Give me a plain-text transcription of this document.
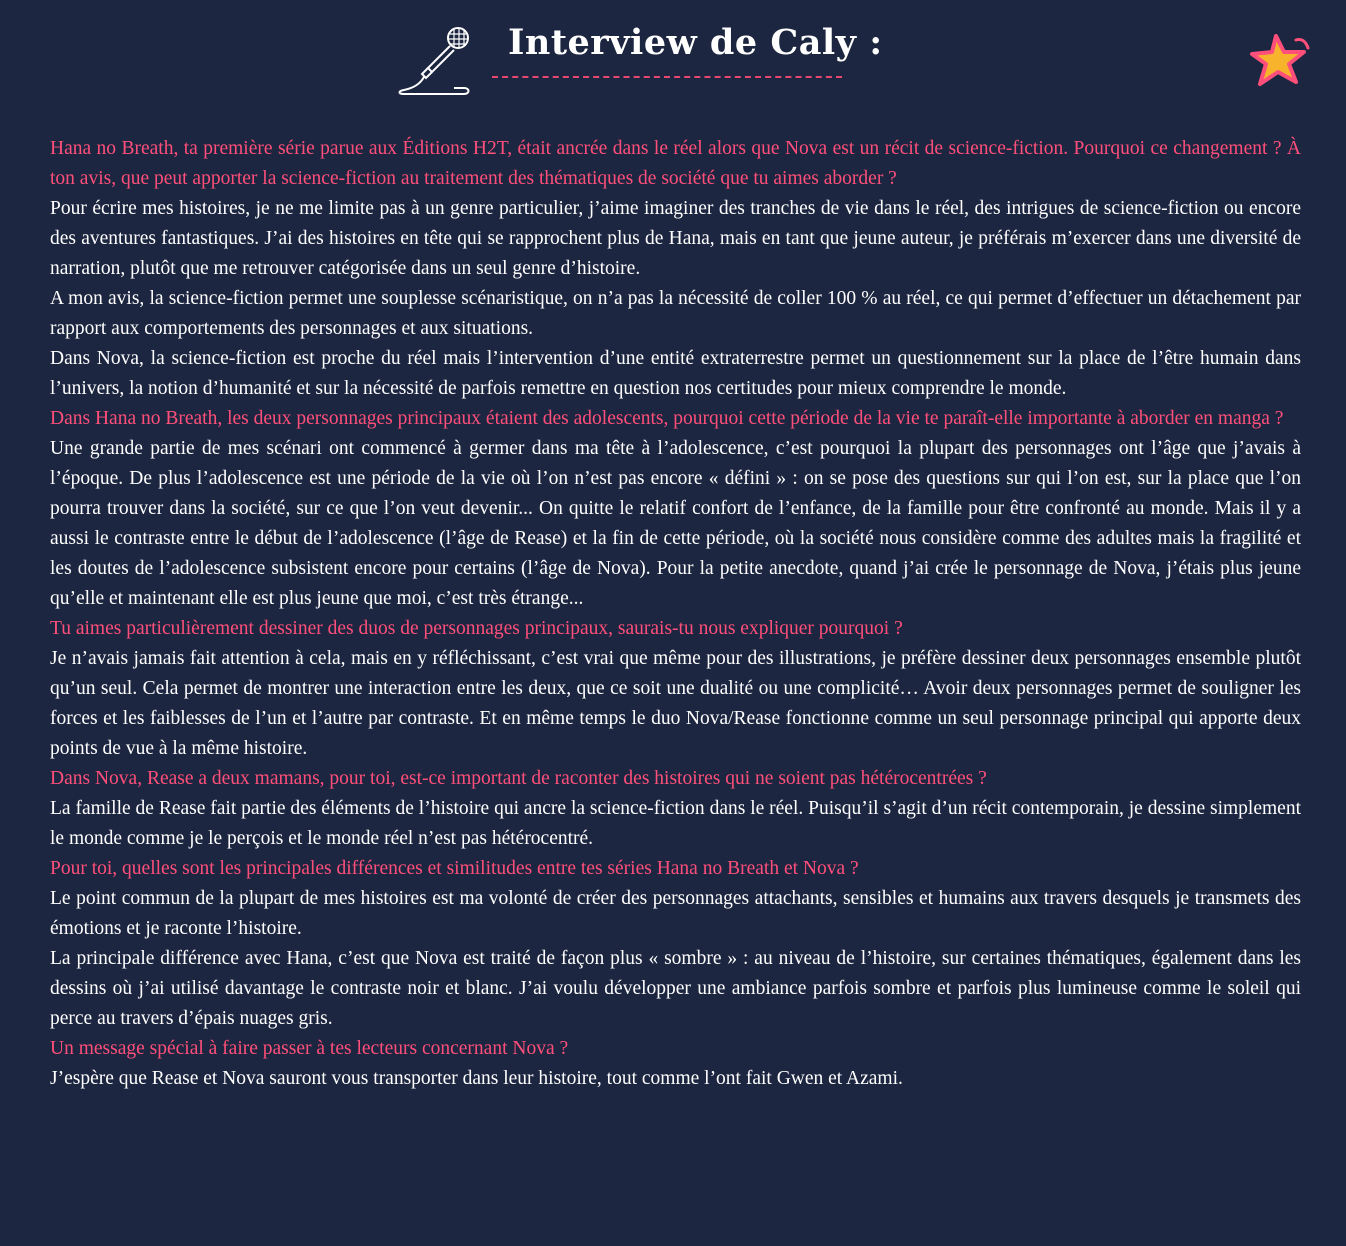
Interview de Caly :

Hana no Breath, ta première série parue aux Éditions H2T, était ancrée dans le réel alors que Nova est un récit de science-fiction. Pourquoi ce changement ? À ton avis, que peut apporter la science-fiction au traitement des thématiques de société que tu aimes aborder ?

Pour écrire mes histoires, je ne me limite pas à un genre particulier, j’aime imaginer des tranches de vie dans le réel, des intrigues de science-fiction ou encore des aventures fantastiques. J’ai des histoires en tête qui se rapprochent plus de Hana, mais en tant que jeune auteur, je préférais m’exercer dans une diversité de narration, plutôt que me retrouver catégorisée dans un seul genre d’histoire.

A mon avis, la science-fiction permet une souplesse scénaristique, on n’a pas la nécessité de coller 100 % au réel, ce qui permet d’effectuer un détachement par rapport aux comportements des personnages et aux situations.

Dans Nova, la science-fiction est proche du réel mais l’intervention d’une entité extraterrestre permet un questionnement sur la place de l’être humain dans l’univers, la notion d’humanité et sur la nécessité de parfois remettre en question nos certitudes pour mieux comprendre le monde.

Dans Hana no Breath, les deux personnages principaux étaient des adolescents, pourquoi cette période de la vie te paraît-elle importante à aborder en manga ?

Une grande partie de mes scénari ont commencé à germer dans ma tête à l’adolescence, c’est pourquoi la plupart des personnages ont l’âge que j’avais à l’époque. De plus l’adolescence est une période de la vie où l’on n’est pas encore « défini » : on se pose des questions sur qui l’on est, sur la place que l’on pourra trouver dans la société, sur ce que l’on veut devenir... On quitte le relatif confort de l’enfance, de la famille pour être confronté au monde. Mais il y a aussi le contraste entre le début de l’adolescence (l’âge de Rease) et la fin de cette période, où la société nous considère comme des adultes mais la fragilité et les doutes de l’adolescence subsistent encore pour certains (l’âge de Nova). Pour la petite anecdote, quand j’ai crée le personnage de Nova, j’étais plus jeune qu’elle et maintenant elle est plus jeune que moi, c’est très étrange...

Tu aimes particulièrement dessiner des duos de personnages principaux, saurais-tu nous expliquer pourquoi ?

Je n’avais jamais fait attention à cela, mais en y réfléchissant, c’est vrai que même pour des illustrations, je préfère dessiner deux personnages ensemble plutôt qu’un seul. Cela permet de montrer une interaction entre les deux, que ce soit une dualité ou une complicité… Avoir deux personnages permet de souligner les forces et les faiblesses de l’un et l’autre par contraste. Et en même temps le duo Nova/Rease fonctionne comme un seul personnage principal qui apporte deux points de vue à la même histoire.

Dans Nova, Rease a deux mamans, pour toi, est-ce important de raconter des histoires qui ne soient pas hétérocentrées ?

La famille de Rease fait partie des éléments de l’histoire qui ancre la science-fiction dans le réel. Puisqu’il s’agit d’un récit contemporain, je dessine simplement le monde comme je le perçois et le monde réel n’est pas hétérocentré.

Pour toi, quelles sont les principales différences et similitudes entre tes séries Hana no Breath et Nova ?

Le point commun de la plupart de mes histoires est ma volonté de créer des personnages attachants, sensibles et humains aux travers desquels je transmets des émotions et je raconte l’histoire.

La principale différence avec Hana, c’est que Nova est traité de façon plus « sombre » : au niveau de l’histoire, sur certaines thématiques, également dans les dessins où j’ai utilisé davantage le contraste noir et blanc. J’ai voulu développer une ambiance parfois sombre et parfois plus lumineuse comme le soleil qui perce au travers d’épais nuages gris.

Un message spécial à faire passer à tes lecteurs concernant Nova ?

J’espère que Rease et Nova sauront vous transporter dans leur histoire, tout comme l’ont fait Gwen et Azami.
